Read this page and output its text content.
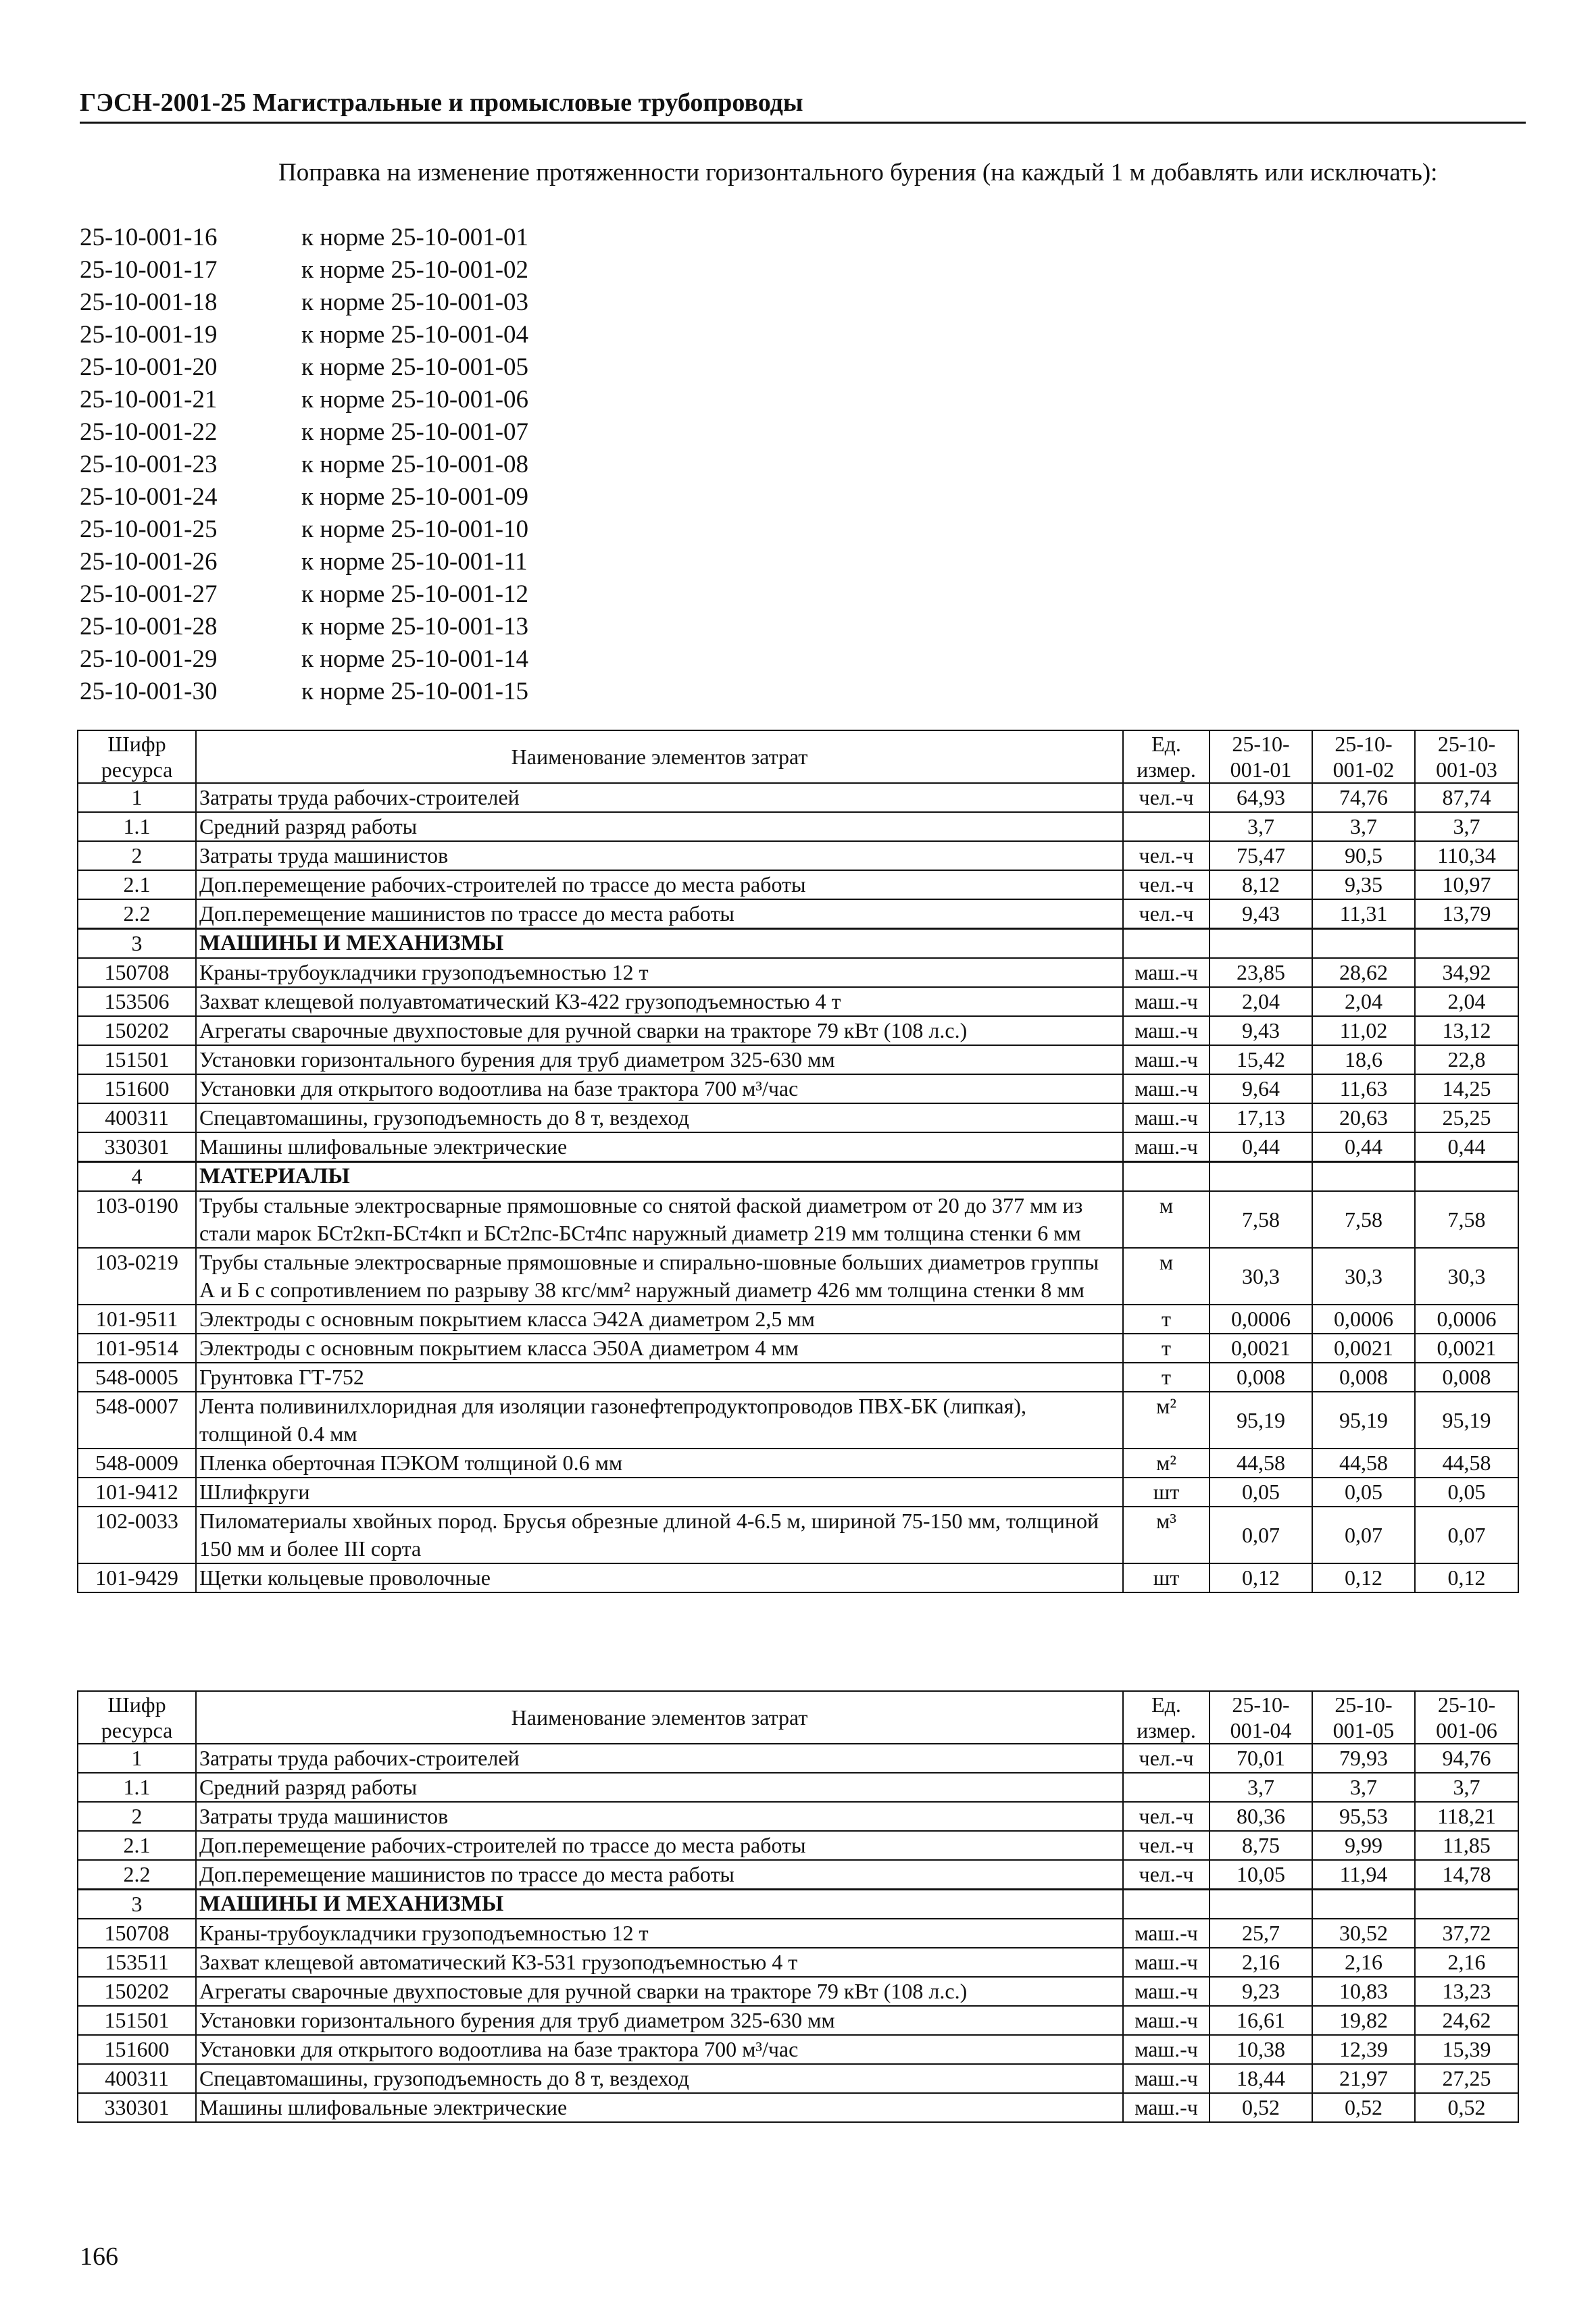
ГЭСН-2001-25 Магистральные и промысловые трубопроводы
Поправка на изменение протяженности горизонтального бурения (на каждый 1 м добавлять или исключать):
25-10-001-16	к норме 25-10-001-01
25-10-001-17	к норме 25-10-001-02
25-10-001-18	к норме 25-10-001-03
25-10-001-19	к норме 25-10-001-04
25-10-001-20	к норме 25-10-001-05
25-10-001-21	к норме 25-10-001-06
25-10-001-22	к норме 25-10-001-07
25-10-001-23	к норме 25-10-001-08
25-10-001-24	к норме 25-10-001-09
25-10-001-25	к норме 25-10-001-10
25-10-001-26	к норме 25-10-001-11
25-10-001-27	к норме 25-10-001-12
25-10-001-28	к норме 25-10-001-13
25-10-001-29	к норме 25-10-001-14
25-10-001-30	к норме 25-10-001-15
Шифр ресурса	Наименование элементов затрат	Ед. измер.	25-10-001-01	25-10-001-02	25-10-001-03
1	Затраты труда рабочих-строителей	чел.-ч	64,93	74,76	87,74
1.1	Средний разряд работы		3,7	3,7	3,7
2	Затраты труда машинистов	чел.-ч	75,47	90,5	110,34
2.1	Доп.перемещение рабочих-строителей по трассе до места работы	чел.-ч	8,12	9,35	10,97
2.2	Доп.перемещение машинистов по трассе до места работы	чел.-ч	9,43	11,31	13,79
3	МАШИНЫ И МЕХАНИЗМЫ				
150708	Краны-трубоукладчики грузоподъемностью 12 т	маш.-ч	23,85	28,62	34,92
153506	Захват клещевой полуавтоматический КЗ-422 грузоподъемностью 4 т	маш.-ч	2,04	2,04	2,04
150202	Агрегаты сварочные двухпостовые для ручной сварки на тракторе 79 кВт (108 л.с.)	маш.-ч	9,43	11,02	13,12
151501	Установки горизонтального бурения для труб диаметром 325-630 мм	маш.-ч	15,42	18,6	22,8
151600	Установки для открытого водоотлива на базе трактора 700 м³/час	маш.-ч	9,64	11,63	14,25
400311	Спецавтомашины, грузоподъемность до 8 т, вездеход	маш.-ч	17,13	20,63	25,25
330301	Машины шлифовальные электрические	маш.-ч	0,44	0,44	0,44
4	МАТЕРИАЛЫ				
103-0190	Трубы стальные электросварные прямошовные со снятой фаской диаметром от 20 до 377 мм из стали марок БСт2кп-БСт4кп и БСт2пс-БСт4пс наружный диаметр 219 мм толщина стенки 6 мм	м	7,58	7,58	7,58
103-0219	Трубы стальные электросварные прямошовные и спирально-шовные больших диаметров группы А и Б с сопротивлением по разрыву 38 кгс/мм² наружный диаметр 426 мм толщина стенки 8 мм	м	30,3	30,3	30,3
101-9511	Электроды с основным покрытием класса Э42А диаметром 2,5 мм	т	0,0006	0,0006	0,0006
101-9514	Электроды с основным покрытием класса Э50А диаметром 4 мм	т	0,0021	0,0021	0,0021
548-0005	Грунтовка ГТ-752	т	0,008	0,008	0,008
548-0007	Лента поливинилхлоридная для изоляции газонефтепродуктопроводов ПВХ-БК (липкая), толщиной 0.4 мм	м²	95,19	95,19	95,19
548-0009	Пленка оберточная ПЭКОМ толщиной 0.6 мм	м²	44,58	44,58	44,58
101-9412	Шлифкруги	шт	0,05	0,05	0,05
102-0033	Пиломатериалы хвойных пород. Брусья обрезные длиной 4-6.5 м, шириной 75-150 мм, толщиной 150 мм и более III сорта	м³	0,07	0,07	0,07
101-9429	Щетки кольцевые проволочные	шт	0,12	0,12	0,12
Шифр ресурса	Наименование элементов затрат	Ед. измер.	25-10-001-04	25-10-001-05	25-10-001-06
1	Затраты труда рабочих-строителей	чел.-ч	70,01	79,93	94,76
1.1	Средний разряд работы		3,7	3,7	3,7
2	Затраты труда машинистов	чел.-ч	80,36	95,53	118,21
2.1	Доп.перемещение рабочих-строителей по трассе до места работы	чел.-ч	8,75	9,99	11,85
2.2	Доп.перемещение машинистов по трассе до места работы	чел.-ч	10,05	11,94	14,78
3	МАШИНЫ И МЕХАНИЗМЫ				
150708	Краны-трубоукладчики грузоподъемностью 12 т	маш.-ч	25,7	30,52	37,72
153511	Захват клещевой автоматический КЗ-531 грузоподъемностью 4 т	маш.-ч	2,16	2,16	2,16
150202	Агрегаты сварочные двухпостовые для ручной сварки на тракторе 79 кВт (108 л.с.)	маш.-ч	9,23	10,83	13,23
151501	Установки горизонтального бурения для труб диаметром 325-630 мм	маш.-ч	16,61	19,82	24,62
151600	Установки для открытого водоотлива на базе трактора 700 м³/час	маш.-ч	10,38	12,39	15,39
400311	Спецавтомашины, грузоподъемность до 8 т, вездеход	маш.-ч	18,44	21,97	27,25
330301	Машины шлифовальные электрические	маш.-ч	0,52	0,52	0,52
166
